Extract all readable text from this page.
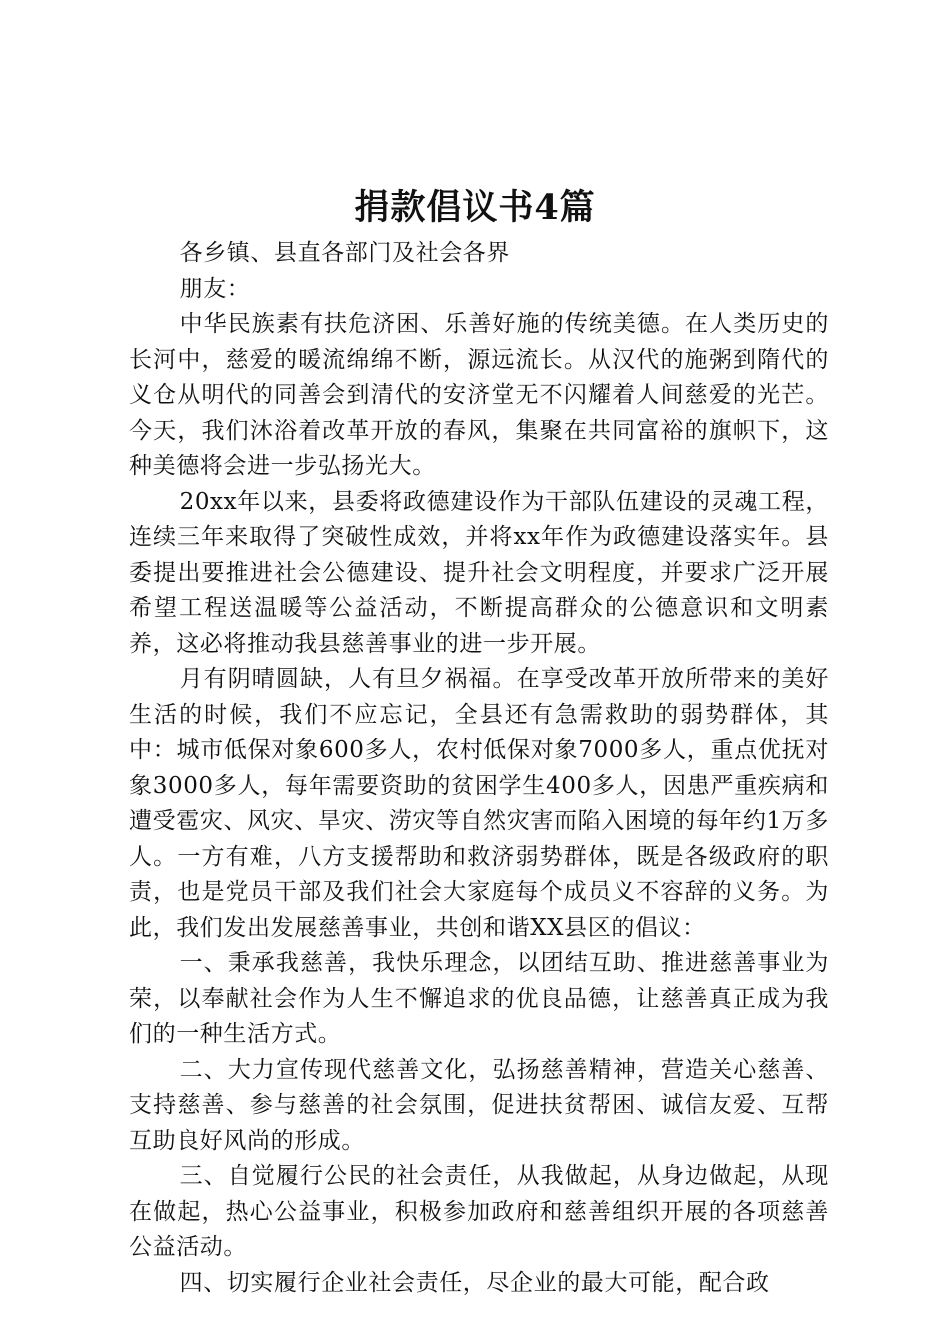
捐款倡议书4篇

各乡镇、县直各部门及社会各界

朋友：

中华民族素有扶危济困、乐善好施的传统美德。在人类历史的长河中，慈爱的暖流绵绵不断，源远流长。从汉代的施粥到隋代的义仓从明代的同善会到清代的安济堂无不闪耀着人间慈爱的光芒。今天，我们沐浴着改革开放的春风，集聚在共同富裕的旗帜下，这种美德将会进一步弘扬光大。

20xx年以来，县委将政德建设作为干部队伍建设的灵魂工程，连续三年来取得了突破性成效，并将xx年作为政德建设落实年。县委提出要推进社会公德建设、提升社会文明程度，并要求广泛开展希望工程送温暖等公益活动，不断提高群众的公德意识和文明素养，这必将推动我县慈善事业的进一步开展。

月有阴晴圆缺，人有旦夕祸福。在享受改革开放所带来的美好生活的时候，我们不应忘记，全县还有急需救助的弱势群体，其中：城市低保对象600多人，农村低保对象7000多人，重点优抚对象3000多人，每年需要资助的贫困学生400多人，因患严重疾病和遭受雹灾、风灾、旱灾、涝灾等自然灾害而陷入困境的每年约1万多人。一方有难，八方支援帮助和救济弱势群体，既是各级政府的职责，也是党员干部及我们社会大家庭每个成员义不容辞的义务。为此，我们发出发展慈善事业，共创和谐XX县区的倡议：

一、秉承我慈善，我快乐理念，以团结互助、推进慈善事业为荣，以奉献社会作为人生不懈追求的优良品德，让慈善真正成为我们的一种生活方式。

二、大力宣传现代慈善文化，弘扬慈善精神，营造关心慈善、支持慈善、参与慈善的社会氛围，促进扶贫帮困、诚信友爱、互帮互助良好风尚的形成。

三、自觉履行公民的社会责任，从我做起，从身边做起，从现在做起，热心公益事业，积极参加政府和慈善组织开展的各项慈善公益活动。

四、切实履行企业社会责任，尽企业的最大可能，配合政
